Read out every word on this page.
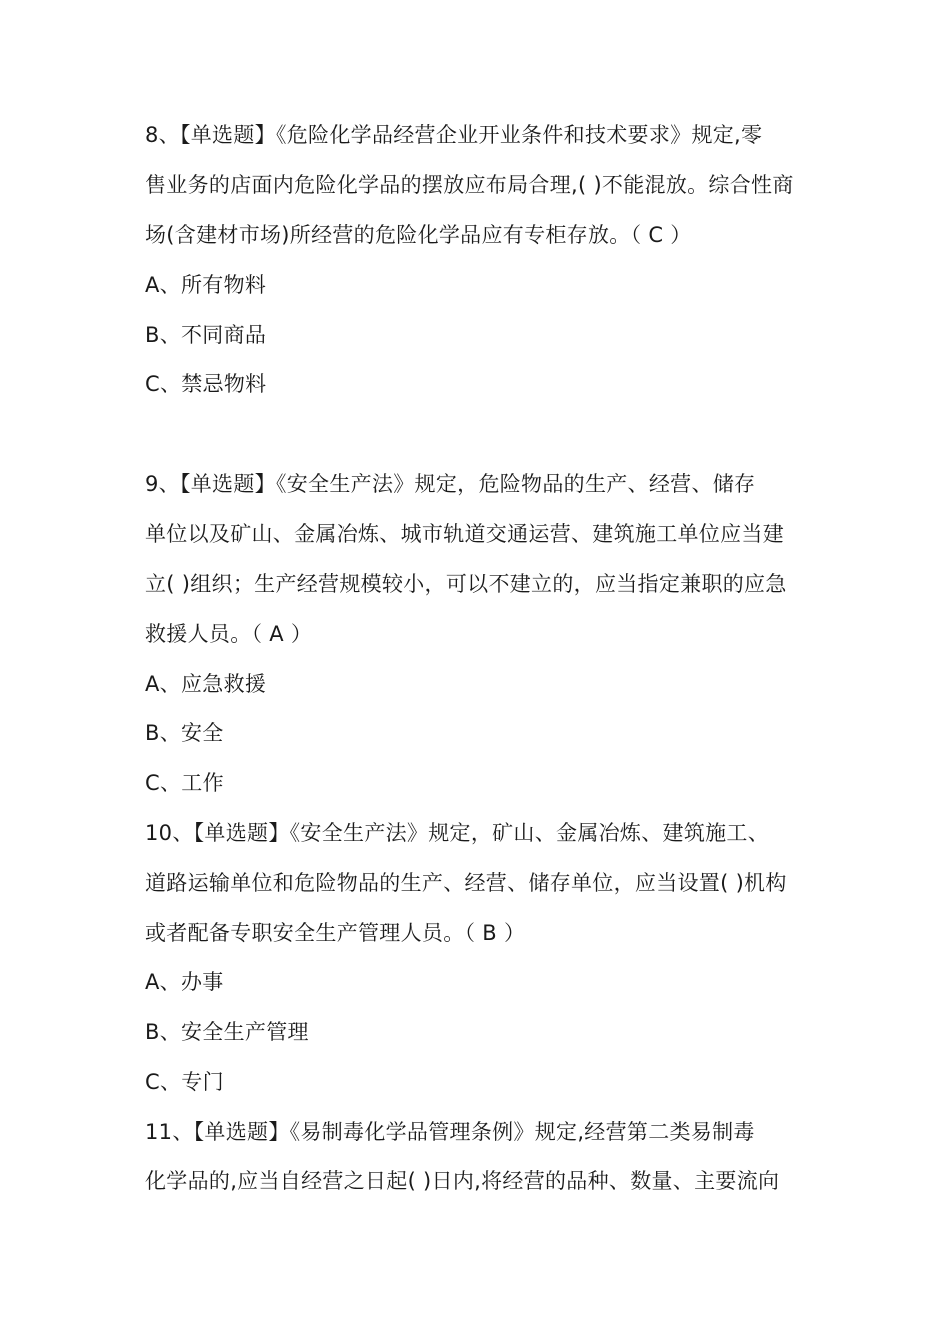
8、【单选题】《危险化学品经营企业开业条件和技术要求》规定,零
售业务的店面内危险化学品的摆放应布局合理,( )不能混放。综合性商
场(含建材市场)所经营的危险化学品应有专柜存放。（ C ）
A、所有物料
B、不同商品
C、禁忌物料
9、【单选题】《安全生产法》规定，危险物品的生产、经营、储存
单位以及矿山、金属冶炼、城市轨道交通运营、建筑施工单位应当建
立( )组织；生产经营规模较小，可以不建立的，应当指定兼职的应急
救援人员。（ A ）
A、应急救援
B、安全
C、工作
10、【单选题】《安全生产法》规定，矿山、金属冶炼、建筑施工、
道路运输单位和危险物品的生产、经营、储存单位，应当设置( )机构
或者配备专职安全生产管理人员。（ B ）
A、办事
B、安全生产管理
C、专门
11、【单选题】《易制毒化学品管理条例》规定,经营第二类易制毒
化学品的,应当自经营之日起( )日内,将经营的品种、数量、主要流向
